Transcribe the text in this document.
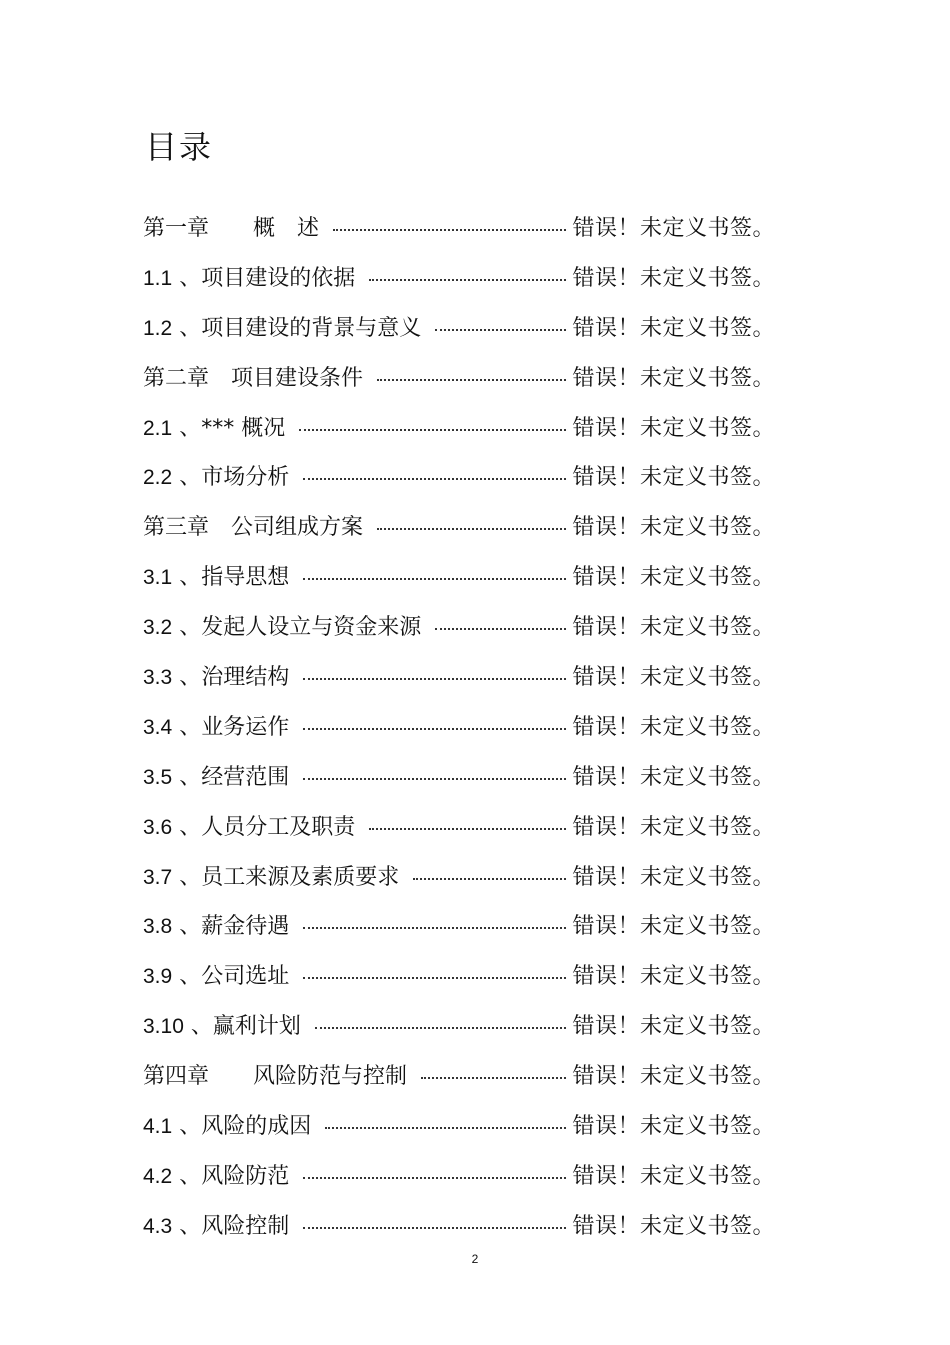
目录
第一章　　概　述	错误！未定义书签。
1.1 、项目建设的依据	错误！未定义书签。
1.2 、项目建设的背景与意义	错误！未定义书签。
第二章　项目建设条件	错误！未定义书签。
2.1 、*** 概况	错误！未定义书签。
2.2 、市场分析	错误！未定义书签。
第三章　公司组成方案	错误！未定义书签。
3.1 、指导思想	错误！未定义书签。
3.2 、发起人设立与资金来源	错误！未定义书签。
3.3 、治理结构	错误！未定义书签。
3.4 、业务运作	错误！未定义书签。
3.5 、经营范围	错误！未定义书签。
3.6 、人员分工及职责	错误！未定义书签。
3.7 、员工来源及素质要求	错误！未定义书签。
3.8 、薪金待遇	错误！未定义书签。
3.9 、公司选址	错误！未定义书签。
3.10 、赢利计划	错误！未定义书签。
第四章　　风险防范与控制	错误！未定义书签。
4.1 、风险的成因	错误！未定义书签。
4.2 、风险防范	错误！未定义书签。
4.3 、风险控制	错误！未定义书签。
2
